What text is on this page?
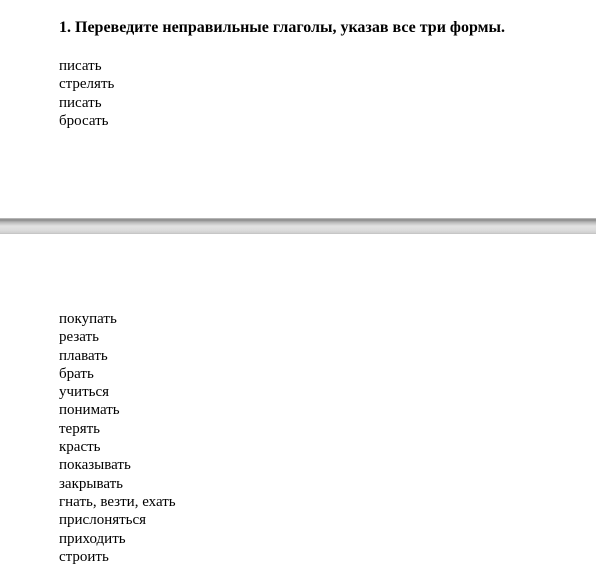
1. Переведите неправильные глаголы, указав все три формы.
писать
стрелять
писать
бросать
покупать
резать
плавать
брать
учиться
понимать
терять
красть
показывать
закрывать
гнать, везти, ехать
прислоняться
приходить
строить
